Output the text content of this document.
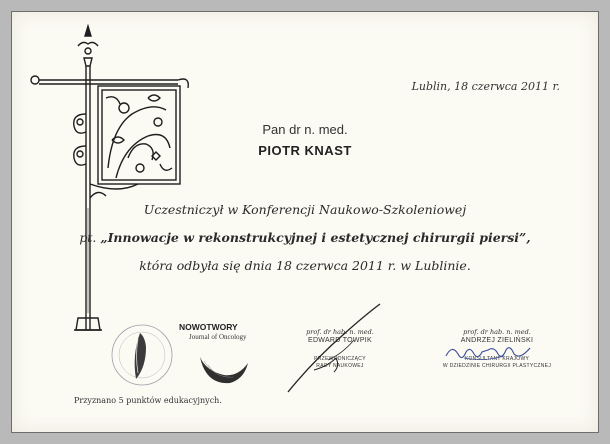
Lublin, 18 czerwca 2011 r.
Pan dr n. med.
PIOTR KNAST
Uczestniczył w Konferencji Naukowo-Szkoleniowej
pt. „Innowacje w rekonstrukcyjnej i estetycznej chirurgii piersi”,
która odbyła się dnia 18 czerwca 2011 r. w Lublinie.
NOWOTWORY
Journal of Oncology
Przyznano 5 punktów edukacyjnych.
prof. dr hab. n. med.
EDWARD TOWPIK
PRZEWODNICZĄCY
RADY NAUKOWEJ
prof. dr hab. n. med.
ANDRZEJ ZIELIŃSKI
KONSULTANT KRAJOWY
W DZIEDZINIE CHIRURGII PLASTYCZNEJ
